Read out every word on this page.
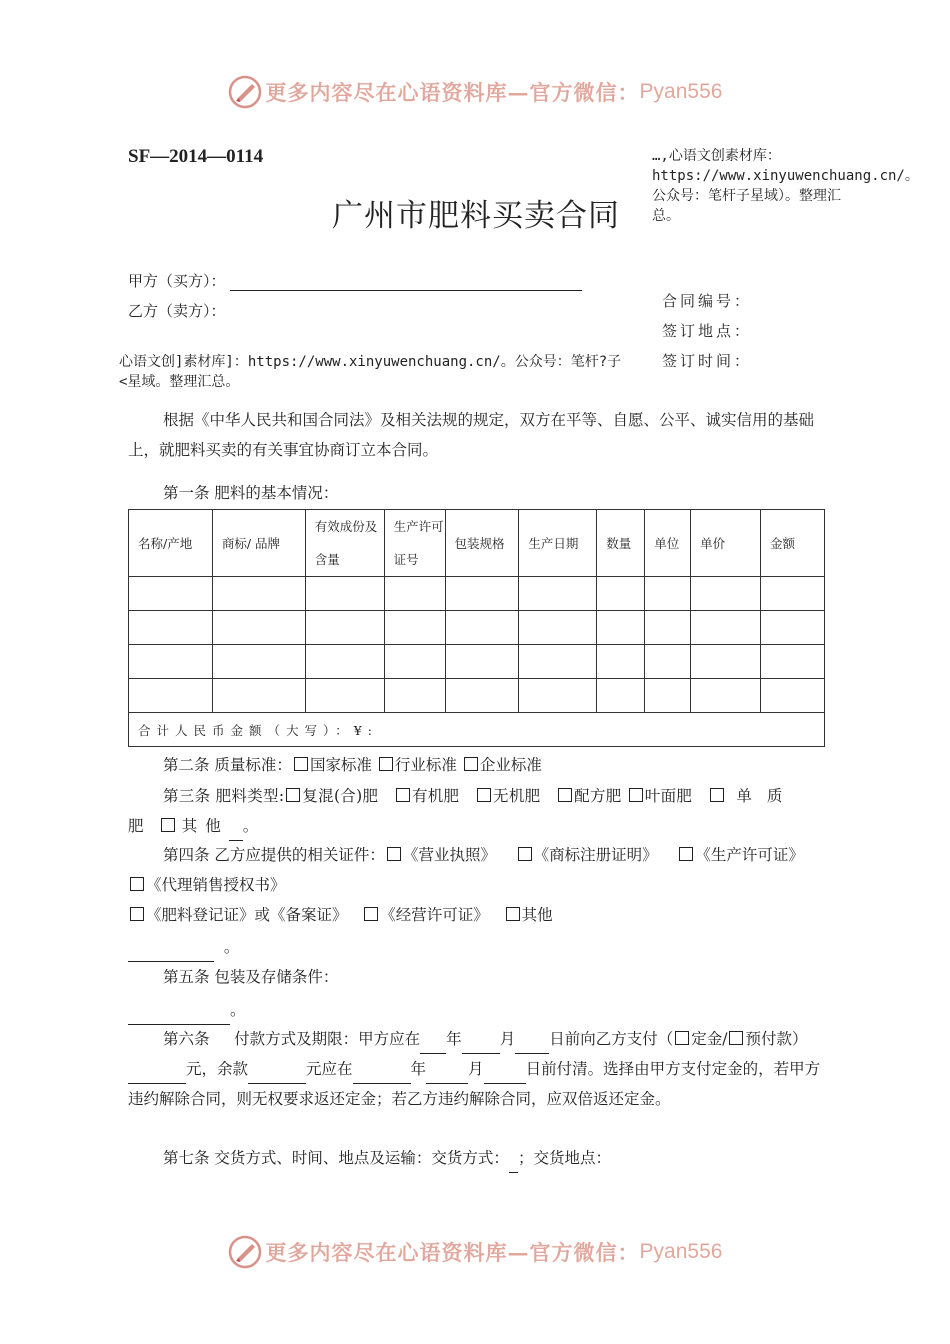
更多内容尽在心语资料库—官方微信： Pyan556
SF—2014—0114
广州市肥料买卖合同
…,心语文创素材库：https://www.xinyuwenchuang.cn/。公众号：笔杆子星域）。整理汇总。
甲方（买方）：
乙方（卖方）：
合同编号：
签订地点：
签订时间：
心语文创]素材库]：https://www.xinyuwenchuang.cn/。公众号：笔杆?子<星域。整理汇总。
根据《中华人民共和国合同法》及相关法规的规定，双方在平等、自愿、公平、诚实信用的基础上，就肥料买卖的有关事宜协商订立本合同。
第一条 肥料的基本情况：
名称/产地	商标/ 品牌	有效成份及含量	生产许可证号	包装规格	生产日期	数量	单位	单价	金额

合计人民币金额（大写）：¥:									
第二条 质量标准： 国家标准 行业标准 企业标准
第三条 肥料类型: 复混(合)肥 有机肥 无机肥 配方肥 叶面肥	单质肥 其他 。
第四条 乙方应提供的相关证件： 《营业执照》 《商标注册证明》 《生产许可证》  《代理销售授权书》
《肥料登记证》或《备案证》 《经营许可证》 其他
。
第五条 包装及存储条件：
。
第六条 付款方式及期限：甲方应在 年 月 日前向乙方支付（ 定金/ 预付款）元，余款	元应在	年	月	日前付清。选择由甲方支付定金的，若甲方违约解除合同，则无权要求返还定金；若乙方违约解除合同，应双倍返还定金。
第七条 交货方式、时间、地点及运输：交货方式： ；交货地点：
更多内容尽在心语资料库—官方微信： Pyan556
